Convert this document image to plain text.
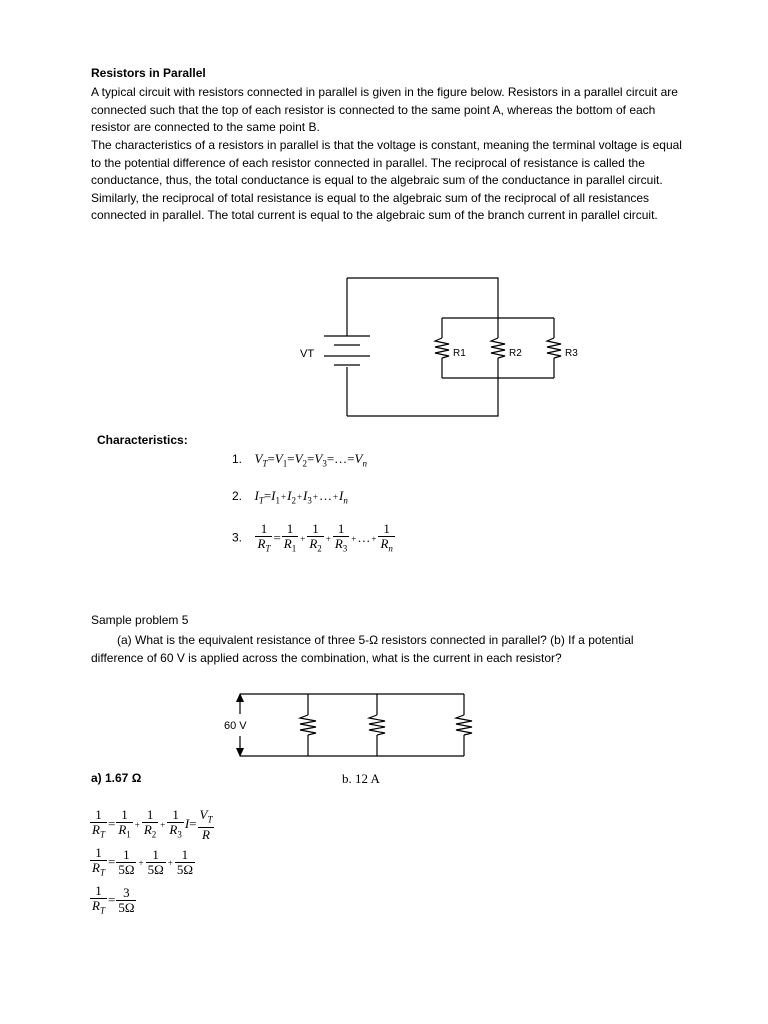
Resistors in Parallel

A typical circuit with resistors connected in parallel is given in the figure below. Resistors in a parallel circuit are connected such that the top of each resistor is connected to the same point A, whereas the bottom of each resistor are connected to the same point B.

The characteristics of a resistors in parallel is that the voltage is constant, meaning the terminal voltage is equal to the potential difference of each resistor connected in parallel. The reciprocal of resistance is called the conductance, thus, the total conductance is equal to the algebraic sum of the conductance in parallel circuit. Similarly, the reciprocal of total resistance is equal to the algebraic sum of the reciprocal of all resistances connected in parallel. The total current is equal to the algebraic sum of the branch current in parallel circuit.

VT	R1	R2	R3
Characteristics:
1. $V_T=V_1=V_2=V_3=\dots=V_n$
2. $I_T=I_1+I_2+I_3+\dots+I_n$
3. $\frac{1}{R_T} = \frac{1}{R_1} + \frac{1}{R_2} + \frac{1}{R_3}$ +…+ $\frac{1}{R_n}$
Sample problem 5
(a) What is the equivalent resistance of three 5-Ω resistors connected in parallel? (b) If a potential
difference of 60 V is applied across the combination, what is the current in each resistor?
60 V
a) 1.67 Ω	b. 12 A
$\frac{1}{R_T} = \frac{1}{R_1} + \frac{1}{R_2} + \frac{1}{R_3} I= \frac{V_T}{R}$
$\frac{1}{R_T} = \frac{1}{5\Omega} + \frac{1}{5\Omega} + \frac{1}{5\Omega}$
$\frac{1}{R_T} = \frac{3}{5\Omega}$
